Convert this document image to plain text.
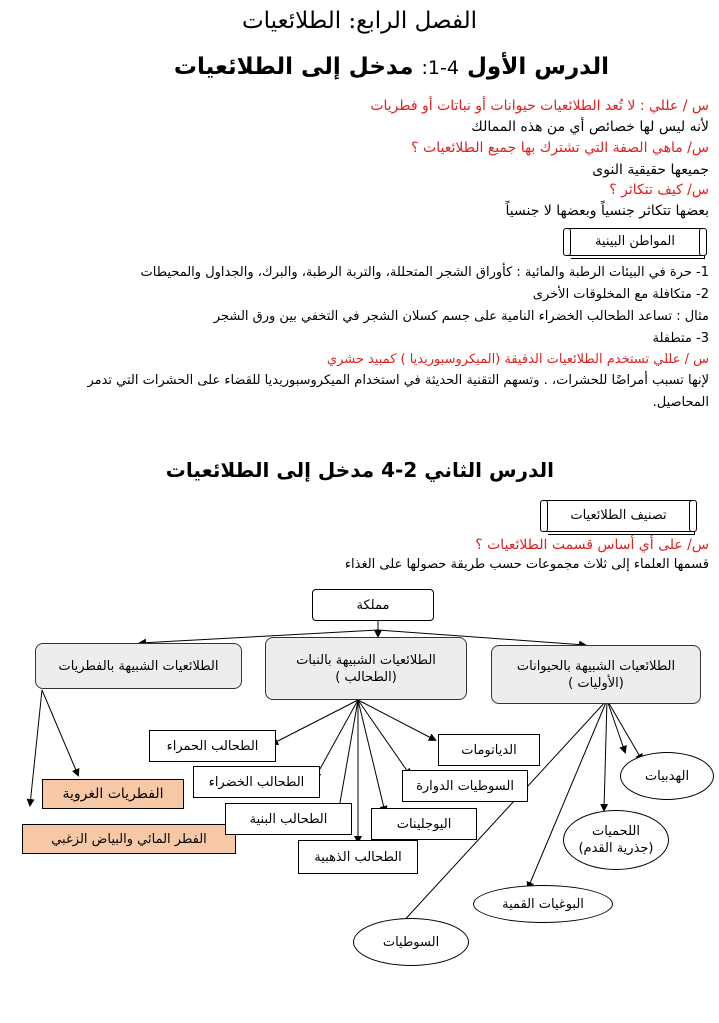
الفصل الرابع: الطلائعيات
الدرس الأول 4-1: مدخل إلى الطلائعيات
س / عللي : لا تُعد الطلائعيات حيوانات أو نباتات أو فطريات
لأنه ليس لها خصائص أي من هذه الممالك
س/ ماهي الصفة التي تشترك بها جميع الطلائعيات ؟
جميعها حقيقية النوى
س/ كيف تتكاثر ؟
بعضها تتكاثر جنسياً وبعضها لا جنسياً
المواطن البينية
1- حرة في البيئات الرطبة والمائية : كأوراق الشجر المتحللة، والتربة الرطبة، والبرك، والجداول والمحيطات
2- متكافلة مع المخلوقات الأخرى
مثال : تساعد الطحالب الخضراء النامية على جسم كسلان الشجر في التخفي بين ورق الشجر
3- متطفلة
س / عللي تستخدم الطلائعيات الدقيقة (الميكروسبوريديا ) كمبيد حشري
لإنها تسبب أمراضًا للحشرات، . وتسهم التقنية الحديثة في استخدام الميكروسبوريديا للقضاء على الحشرات التي تدمر
المحاصيل.
الدرس الثاني 2-4 مدخل إلى الطلائعيات
تصنيف الطلائعيات
س/ على أي أساس قسمت الطلائعيات ؟
قسمها العلماء إلى ثلاث مجموعات حسب طريقة حصولها على الغذاء
مملكة
الطلائعيات الشبيهة بالفطريات	الطلائعيات الشبيهة بالنبات
(الطحالب )
الطلائعيات الشبيهة بالحيوانات
(الأوليات )
الفطريات الغروية
الفطر المائي والبياض الزغبي
الطحالب الحمراء
الطحالب الخضراء
الطحالب البنية
الطحالب الذهبية
الدياتومات
السوطيات الدوارة
اليوجلينات
الهدبيات
اللحميات
(جذرية القدم)
البوغيات القمية
السوطيات
